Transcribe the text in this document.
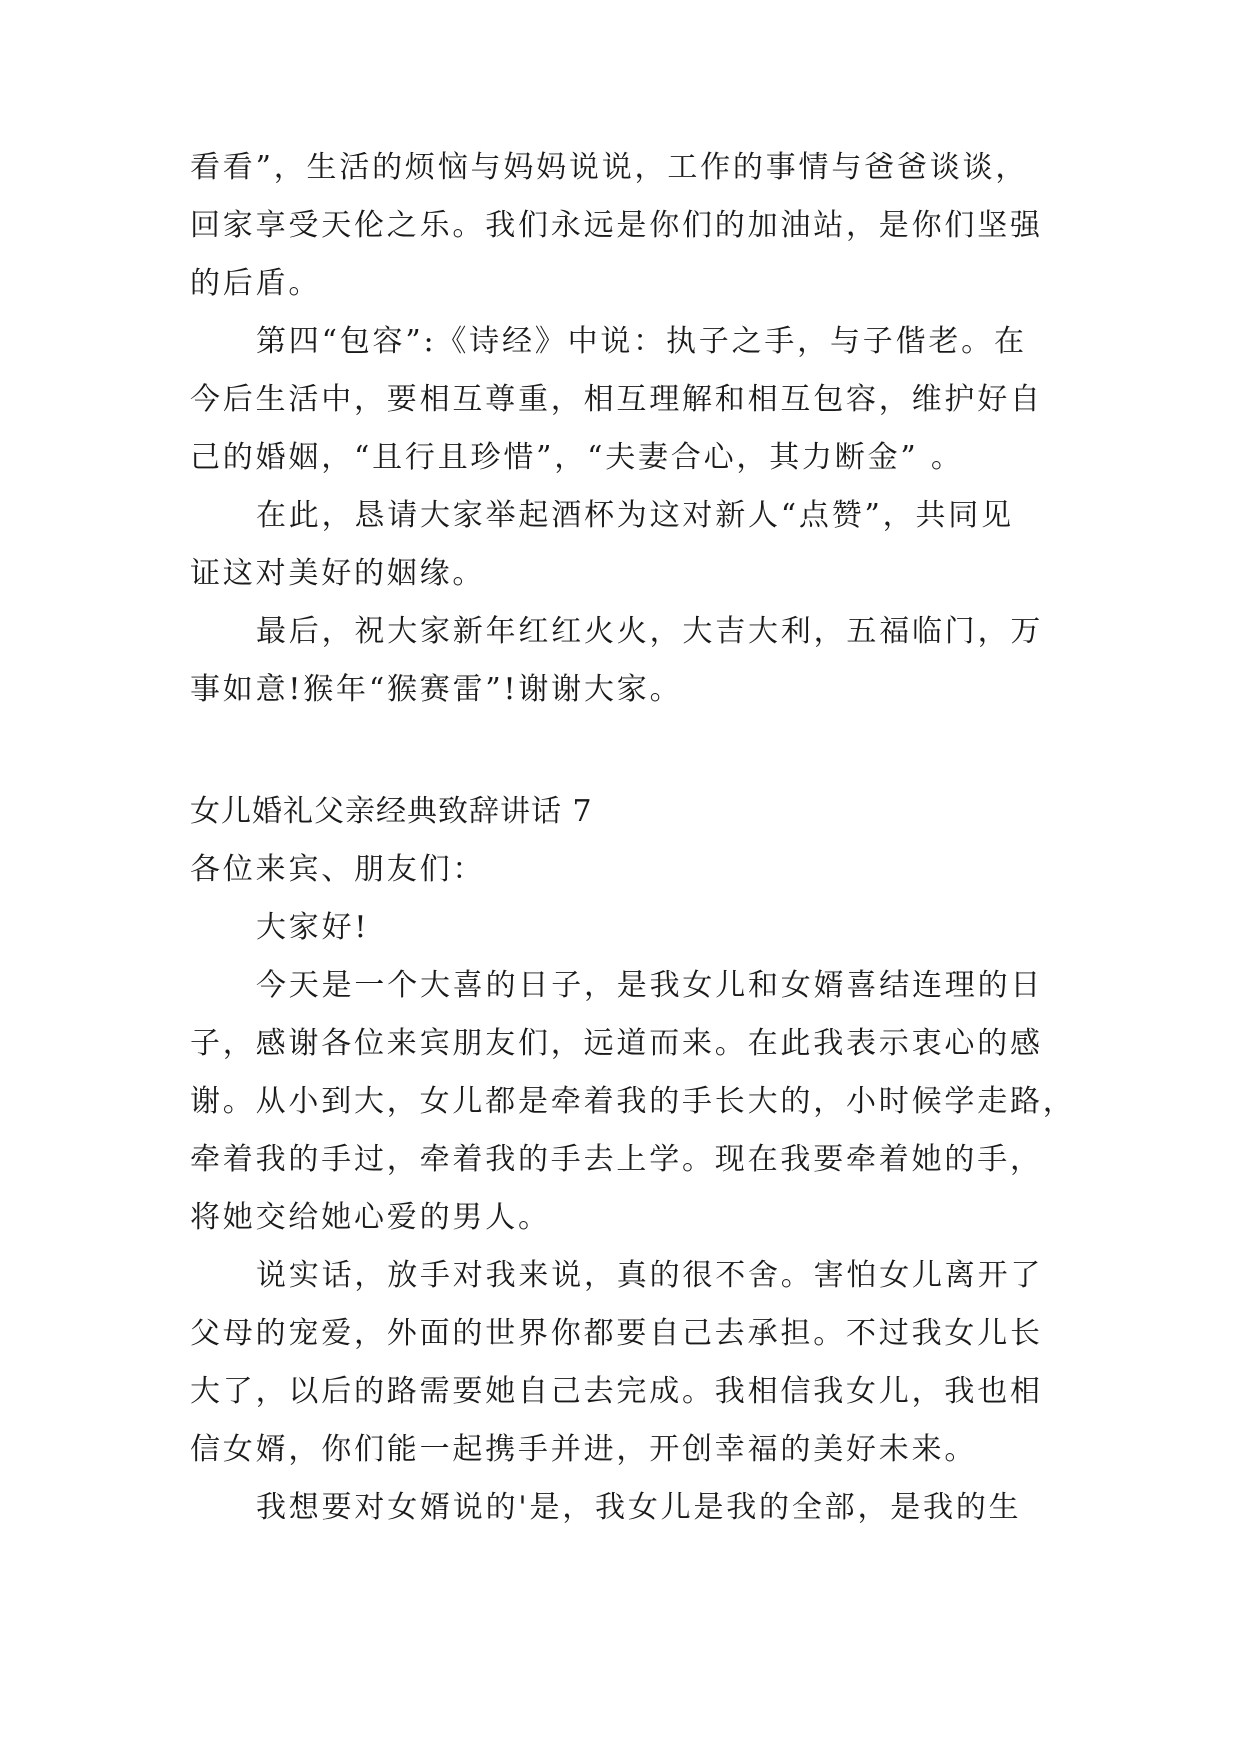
看看”，生活的烦恼与妈妈说说，工作的事情与爸爸谈谈，
回家享受天伦之乐。我们永远是你们的加油站，是你们坚强
的后盾。
第四“包容”:《诗经》中说：执子之手，与子偕老。在
今后生活中，要相互尊重，相互理解和相互包容，维护好自
己的婚姻，“且行且珍惜”，“夫妻合心，其力断金” 。
在此，恳请大家举起酒杯为这对新人“点赞”，共同见
证这对美好的姻缘。
最后，祝大家新年红红火火，大吉大利，五福临门，万
事如意!猴年“猴赛雷”!谢谢大家。
女儿婚礼父亲经典致辞讲话 7
各位来宾、朋友们：
大家好!
今天是一个大喜的日子，是我女儿和女婿喜结连理的日
子，感谢各位来宾朋友们，远道而来。在此我表示衷心的感
谢。从小到大，女儿都是牵着我的手长大的，小时候学走路，
牵着我的手过，牵着我的手去上学。现在我要牵着她的手，
将她交给她心爱的男人。
说实话，放手对我来说，真的很不舍。害怕女儿离开了
父母的宠爱，外面的世界你都要自己去承担。不过我女儿长
大了，以后的路需要她自己去完成。我相信我女儿，我也相
信女婿，你们能一起携手并进，开创幸福的美好未来。
我想要对女婿说的'是，我女儿是我的全部，是我的生
